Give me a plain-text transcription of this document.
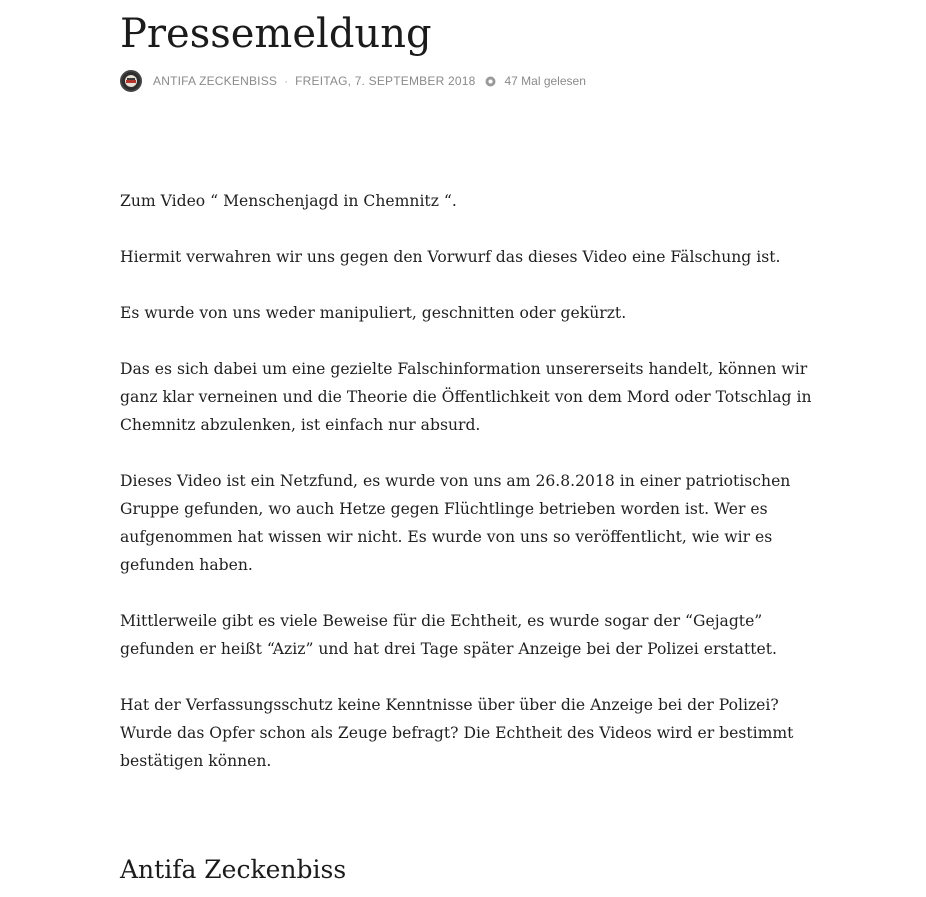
Pressemeldung
ANTIFA ZECKENBISS · FREITAG, 7. SEPTEMBER 2018 47 Mal gelesen

Zum Video “ Menschenjagd in Chemnitz “.

Hiermit verwahren wir uns gegen den Vorwurf das dieses Video eine Fälschung ist.

Es wurde von uns weder manipuliert, geschnitten oder gekürzt.

Das es sich dabei um eine gezielte Falschinformation unsererseits handelt, können wir ganz klar verneinen und die Theorie die Öffentlichkeit von dem Mord oder Totschlag in Chemnitz abzulenken, ist einfach nur absurd.

Dieses Video ist ein Netzfund, es wurde von uns am 26.8.2018 in einer patriotischen Gruppe gefunden, wo auch Hetze gegen Flüchtlinge betrieben worden ist. Wer es aufgenommen hat wissen wir nicht. Es wurde von uns so veröffentlicht, wie wir es gefunden haben.

Mittlerweile gibt es viele Beweise für die Echtheit, es wurde sogar der “Gejagte” gefunden er heißt “Aziz” und hat drei Tage später Anzeige bei der Polizei erstattet.

Hat der Verfassungsschutz keine Kenntnisse über über die Anzeige bei der Polizei? Wurde das Opfer schon als Zeuge befragt? Die Echtheit des Videos wird er bestimmt bestätigen können.

Antifa Zeckenbiss
